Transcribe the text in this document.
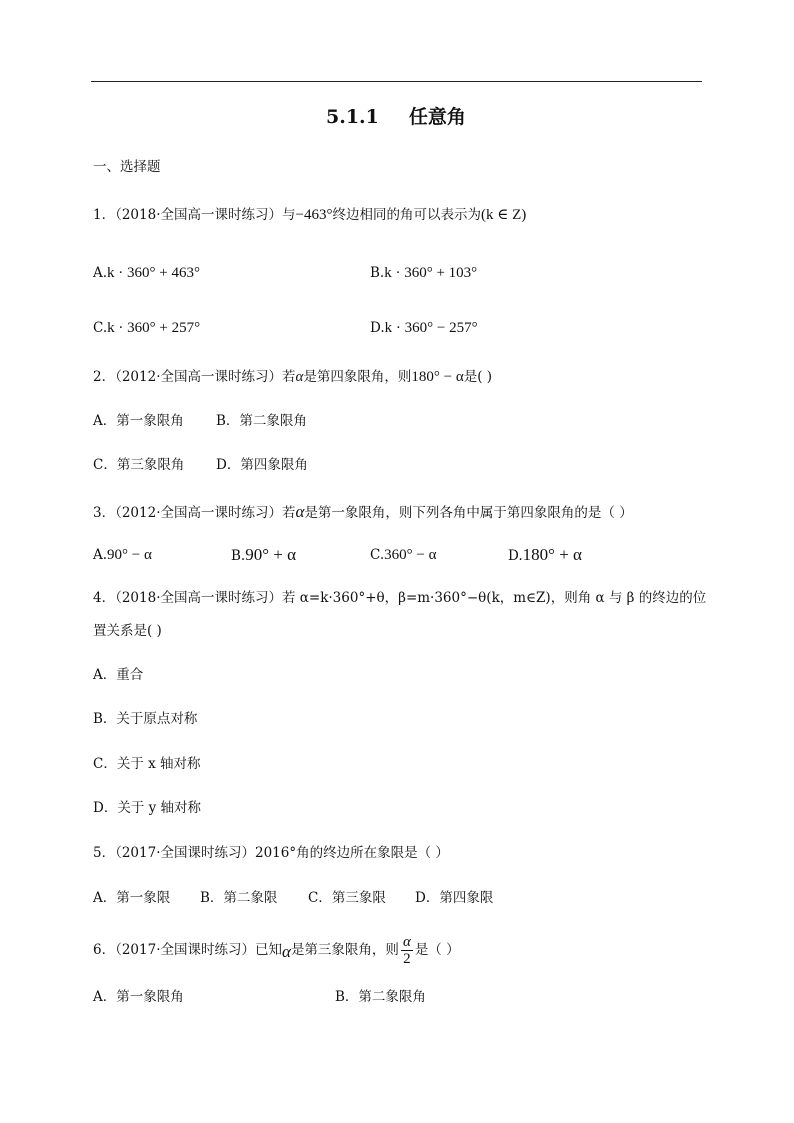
5.1.1 任意角
一、选择题
1．（2018·全国高一课时练习）与−463°终边相同的角可以表示为(k ∈ Z)
A.k · 360° + 463°	B.k · 360° + 103°
C.k · 360° + 257°	D.k · 360° − 257°
2．（2012·全国高一课时练习）若α是第四象限角，则180° − α是( )
A．第一象限角 B．第二象限角
C．第三象限角 D．第四象限角
3．（2012·全国高一课时练习）若α是第一象限角，则下列各角中属于第四象限角的是（ ）
A.90° − α	B.90° + α	C.360° − α	D.180° + α
4．（2018·全国高一课时练习）若 α=k·360°+θ，β=m·360°−θ(k，m∈Z)，则角 α 与 β 的终边的位
置关系是( )
A．重合
B．关于原点对称
C．关于 x 轴对称
D．关于 y 轴对称
5．（2017·全国课时练习）2016°角的终边所在象限是（ ）
A．第一象限 B．第二象限 C．第三象限 D．第四象限
6．（2017·全国课时练习）已知 α 是第三象限角，则 $\frac{\alpha}{2}$ 是（ ）
A．第一象限角	B．第二象限角
